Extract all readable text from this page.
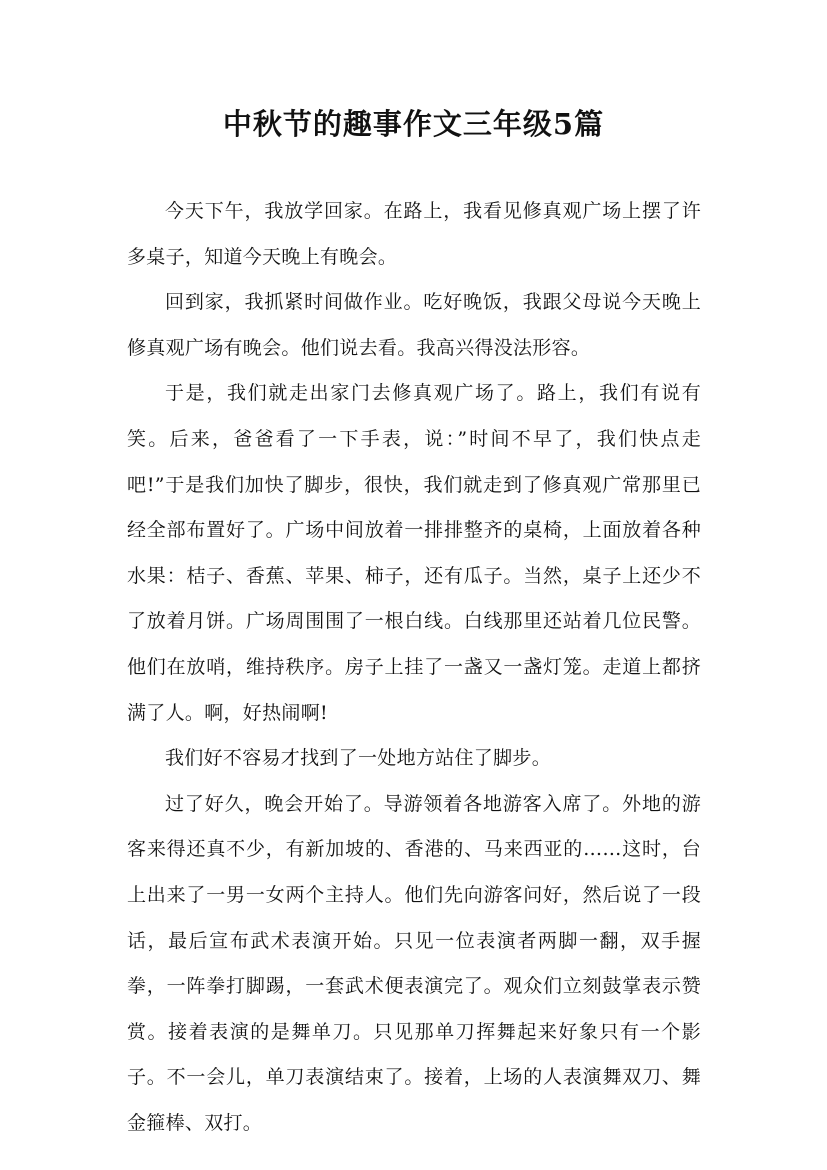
中秋节的趣事作文三年级5篇

今天下午，我放学回家。在路上，我看见修真观广场上摆了许多桌子，知道今天晚上有晚会。

回到家，我抓紧时间做作业。吃好晚饭，我跟父母说今天晚上修真观广场有晚会。他们说去看。我高兴得没法形容。

于是，我们就走出家门去修真观广场了。路上，我们有说有笑。后来，爸爸看了一下手表，说：”时间不早了，我们快点走吧!”于是我们加快了脚步，很快，我们就走到了修真观广常那里已经全部布置好了。广场中间放着一排排整齐的桌椅，上面放着各种水果：桔子、香蕉、苹果、柿子，还有瓜子。当然，桌子上还少不了放着月饼。广场周围围了一根白线。白线那里还站着几位民警。他们在放哨，维持秩序。房子上挂了一盏又一盏灯笼。走道上都挤满了人。啊，好热闹啊!

我们好不容易才找到了一处地方站住了脚步。

过了好久，晚会开始了。导游领着各地游客入席了。外地的游客来得还真不少，有新加坡的、香港的、马来西亚的……这时，台上出来了一男一女两个主持人。他们先向游客问好，然后说了一段话，最后宣布武术表演开始。只见一位表演者两脚一翻，双手握拳，一阵拳打脚踢，一套武术便表演完了。观众们立刻鼓掌表示赞赏。接着表演的是舞单刀。只见那单刀挥舞起来好象只有一个影子。不一会儿，单刀表演结束了。接着，上场的人表演舞双刀、舞金箍棒、双打。
